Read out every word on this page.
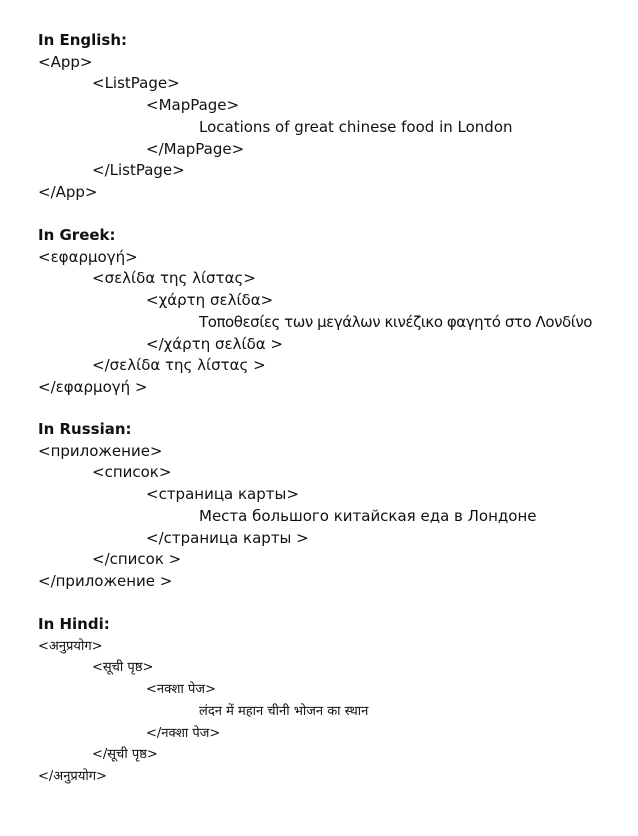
In English:
<App>
<ListPage>
<MapPage>
Locations of great chinese food in London
</MapPage>
</ListPage>
</App>
In Greek:
<εφαρμογή>
<σελίδα της λίστας>
<χάρτη σελίδα>
Τοποθεσίες των μεγάλων κινέζικο φαγητό στο Λονδίνο
</χάρτη σελίδα >
</σελίδα της λίστας >
</εφαρμογή >
In Russian:
<приложение>
<список>
<страница карты>
Места большого китайская еда в Лондоне
</страница карты >
</список >
</приложение >
In Hindi:
<अनुप्रयोग>
<सूची पृष्ठ>
<नक्शा पेज>
लंदन में महान चीनी भोजन का स्थान
</नक्शा पेज>
</सूची पृष्ठ>
</अनुप्रयोग>
